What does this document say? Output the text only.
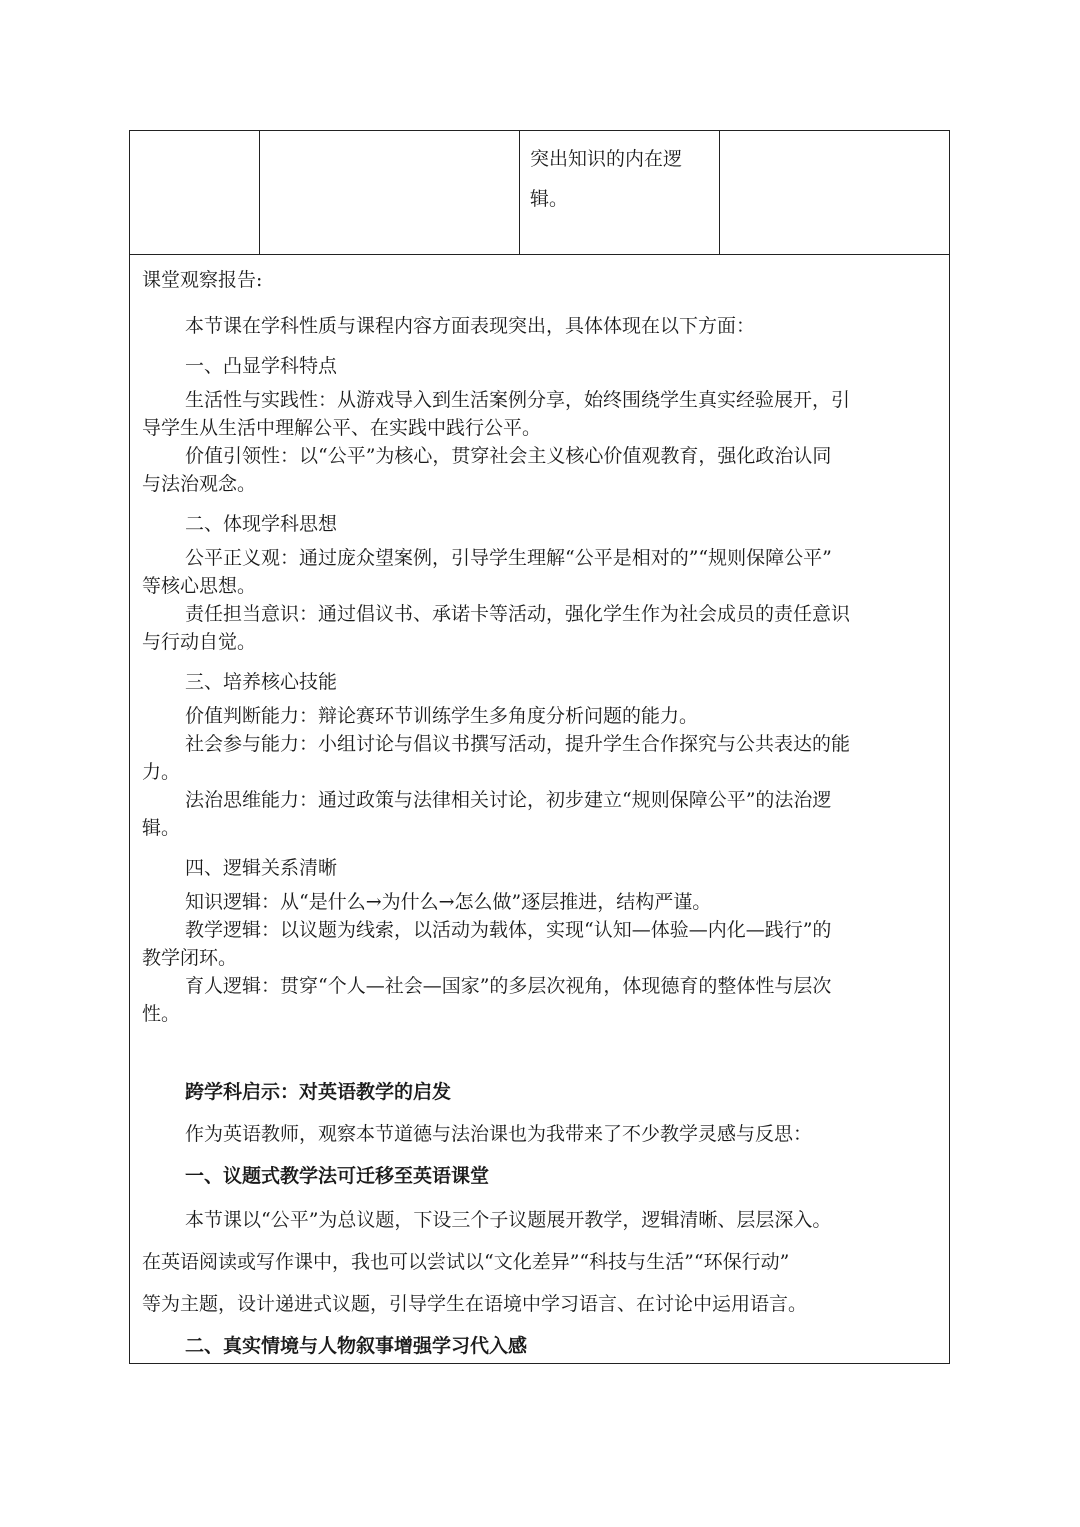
突出知识的内在逻
辑。
课堂观察报告:
本节课在学科性质与课程内容方面表现突出，具体体现在以下方面：
一、凸显学科特点
生活性与实践性：从游戏导入到生活案例分享，始终围绕学生真实经验展开，引
导学生从生活中理解公平、在实践中践行公平。
价值引领性：以“公平”为核心，贯穿社会主义核心价值观教育，强化政治认同
与法治观念。
二、体现学科思想
公平正义观：通过庞众望案例，引导学生理解“公平是相对的”“规则保障公平”
等核心思想。
责任担当意识：通过倡议书、承诺卡等活动，强化学生作为社会成员的责任意识
与行动自觉。
三、培养核心技能
价值判断能力：辩论赛环节训练学生多角度分析问题的能力。
社会参与能力：小组讨论与倡议书撰写活动，提升学生合作探究与公共表达的能
力。
法治思维能力：通过政策与法律相关讨论，初步建立“规则保障公平”的法治逻
辑。
四、逻辑关系清晰
知识逻辑：从“是什么→为什么→怎么做”逐层推进，结构严谨。
教学逻辑：以议题为线索，以活动为载体，实现“认知—体验—内化—践行”的
教学闭环。
育人逻辑：贯穿“个人—社会—国家”的多层次视角，体现德育的整体性与层次
性。
跨学科启示：对英语教学的启发
作为英语教师，观察本节道德与法治课也为我带来了不少教学灵感与反思：
一、议题式教学法可迁移至英语课堂
本节课以“公平”为总议题，下设三个子议题展开教学，逻辑清晰、层层深入。
在英语阅读或写作课中，我也可以尝试以“文化差异”“科技与生活”“环保行动”
等为主题，设计递进式议题，引导学生在语境中学习语言、在讨论中运用语言。
二、真实情境与人物叙事增强学习代入感
